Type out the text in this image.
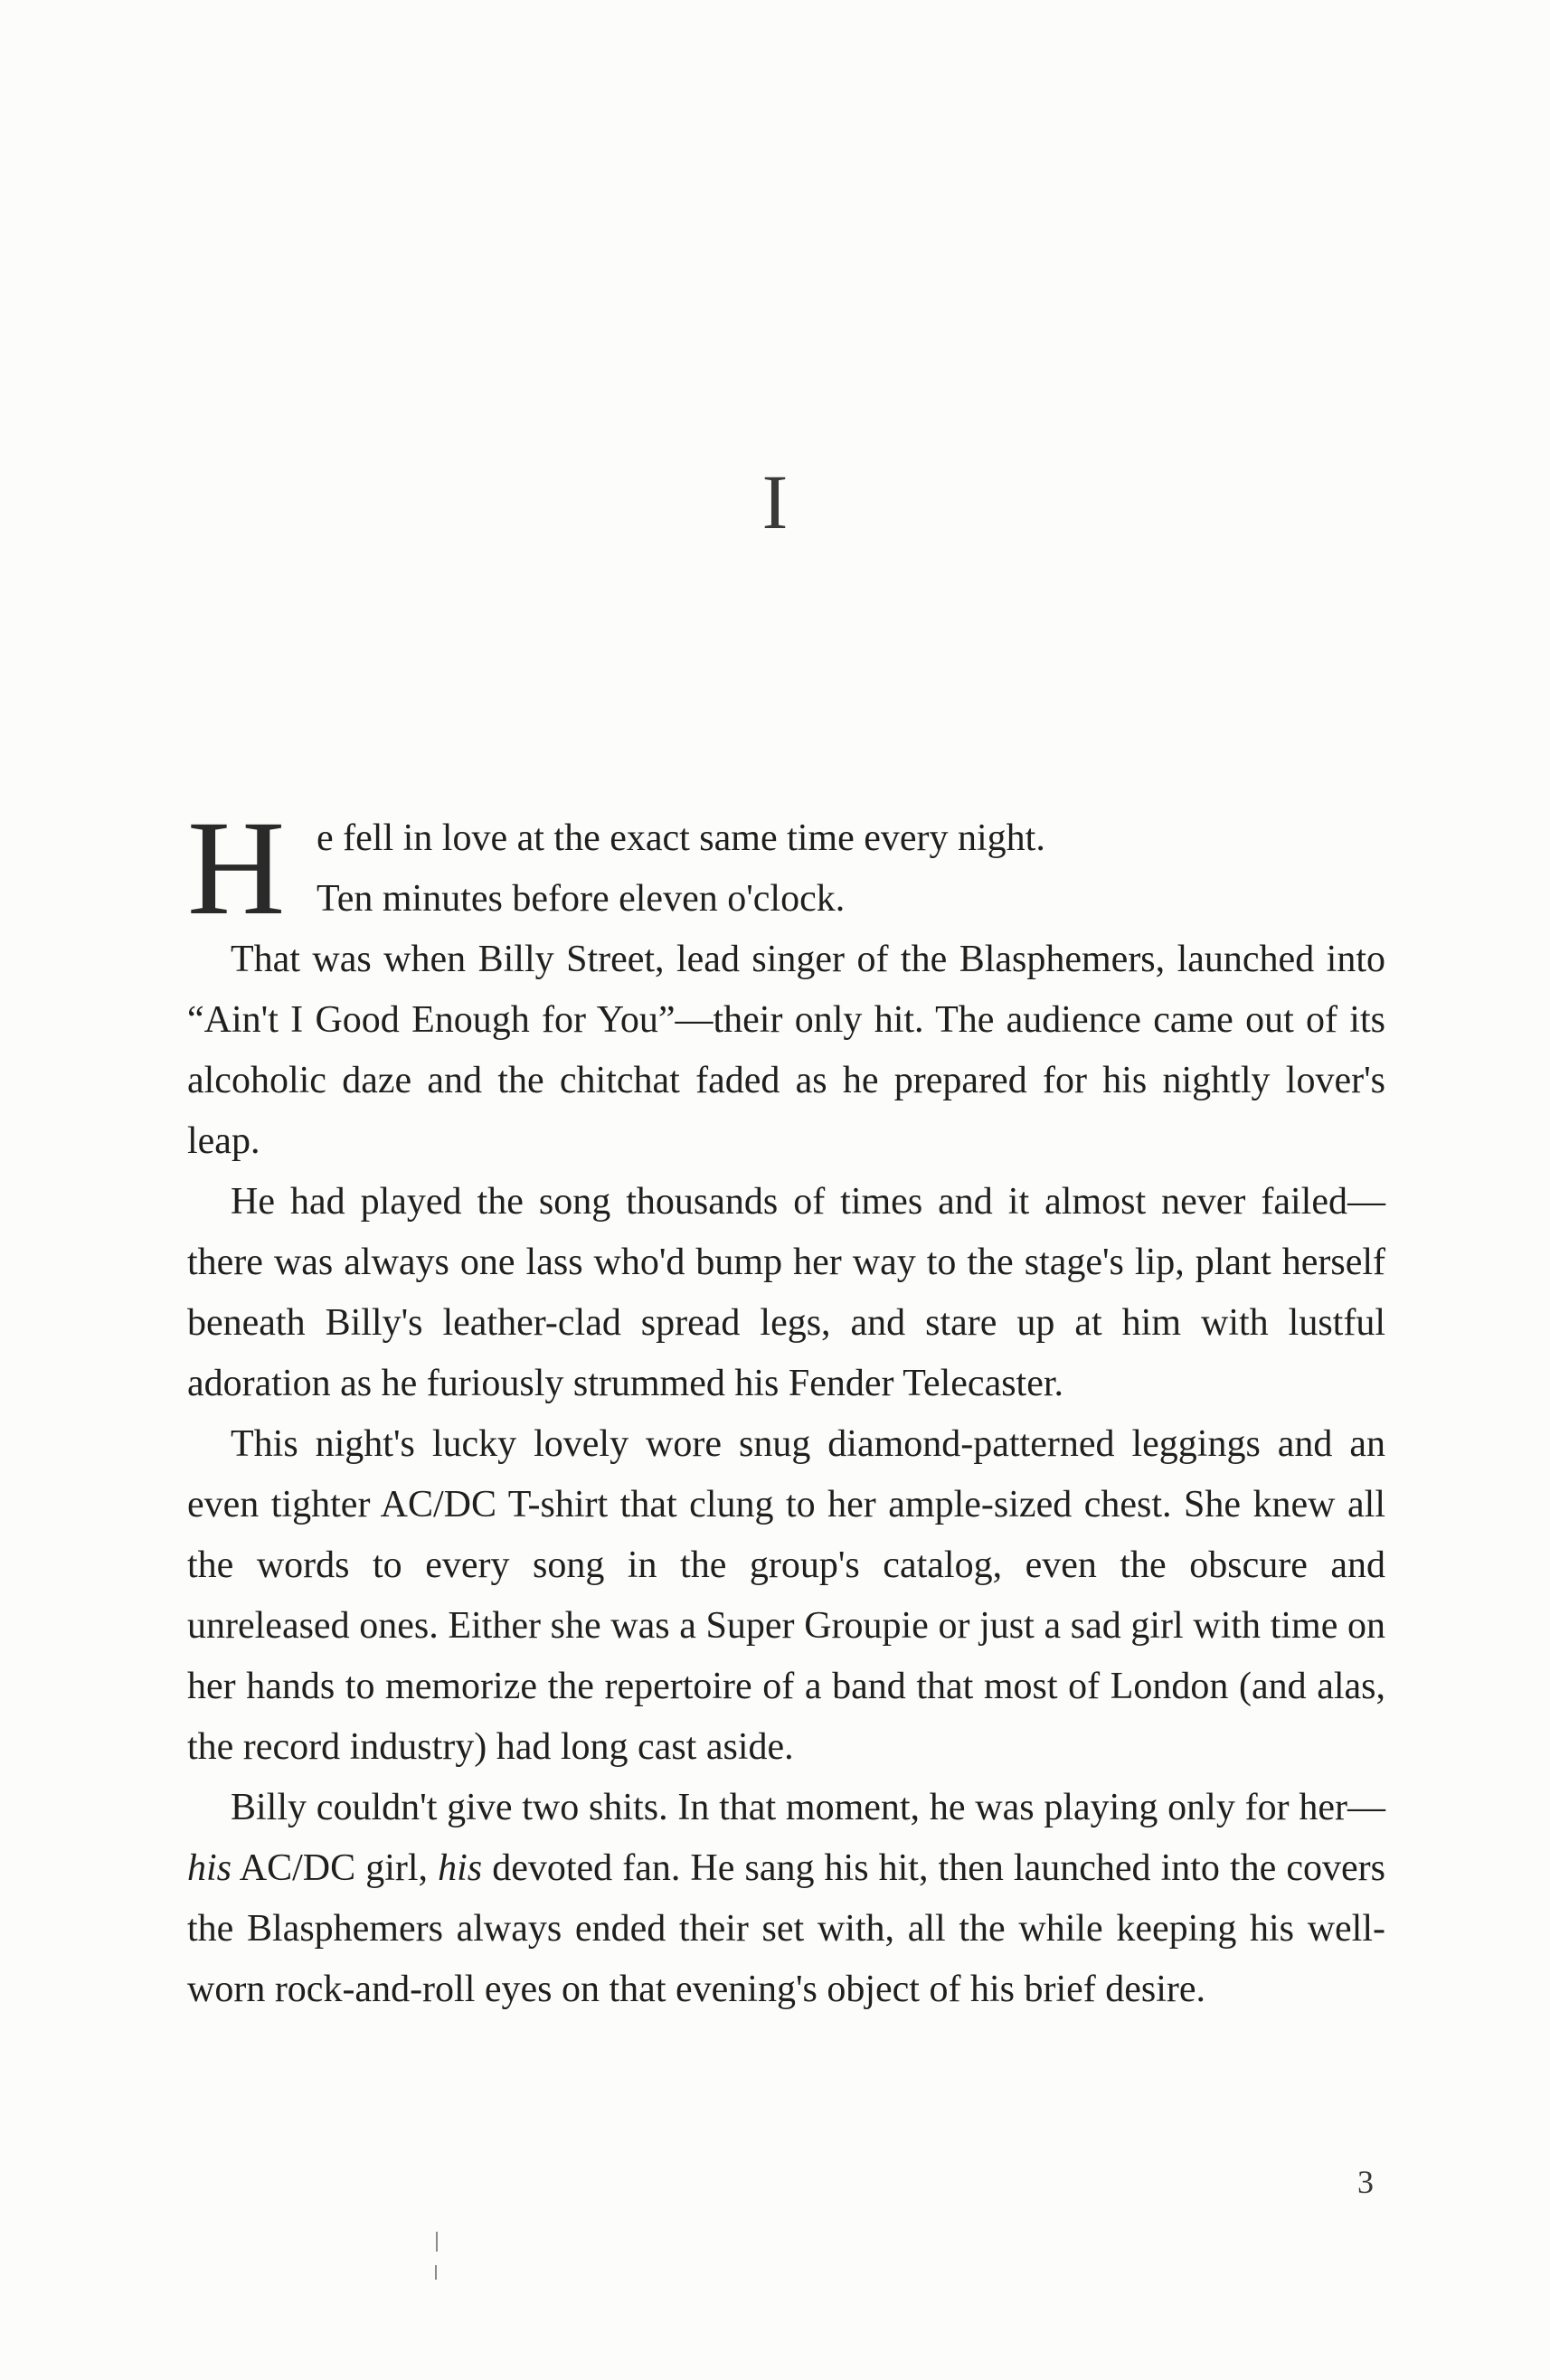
I
H e fell in love at the exact same time every night.
Ten minutes before eleven o'clock.

That was when Billy Street, lead singer of the Blasphemers, launched into “Ain't I Good Enough for You”—their only hit. The audience came out of its alcoholic daze and the chitchat faded as he prepared for his nightly lover's leap.

He had played the song thousands of times and it almost never failed—there was always one lass who'd bump her way to the stage's lip, plant herself beneath Billy's leather-clad spread legs, and stare up at him with lustful adoration as he furiously strummed his Fender Telecaster.

This night's lucky lovely wore snug diamond-patterned leggings and an even tighter AC/DC T-shirt that clung to her ample-sized chest. She knew all the words to every song in the group's catalog, even the obscure and unreleased ones. Either she was a Super Groupie or just a sad girl with time on her hands to memorize the repertoire of a band that most of London (and alas, the record industry) had long cast aside.

Billy couldn't give two shits. In that moment, he was playing only for her—his AC/DC girl, his devoted fan. He sang his hit, then launched into the covers the Blasphemers always ended their set with, all the while keeping his well-worn rock-and-roll eyes on that evening's object of his brief desire.

3
